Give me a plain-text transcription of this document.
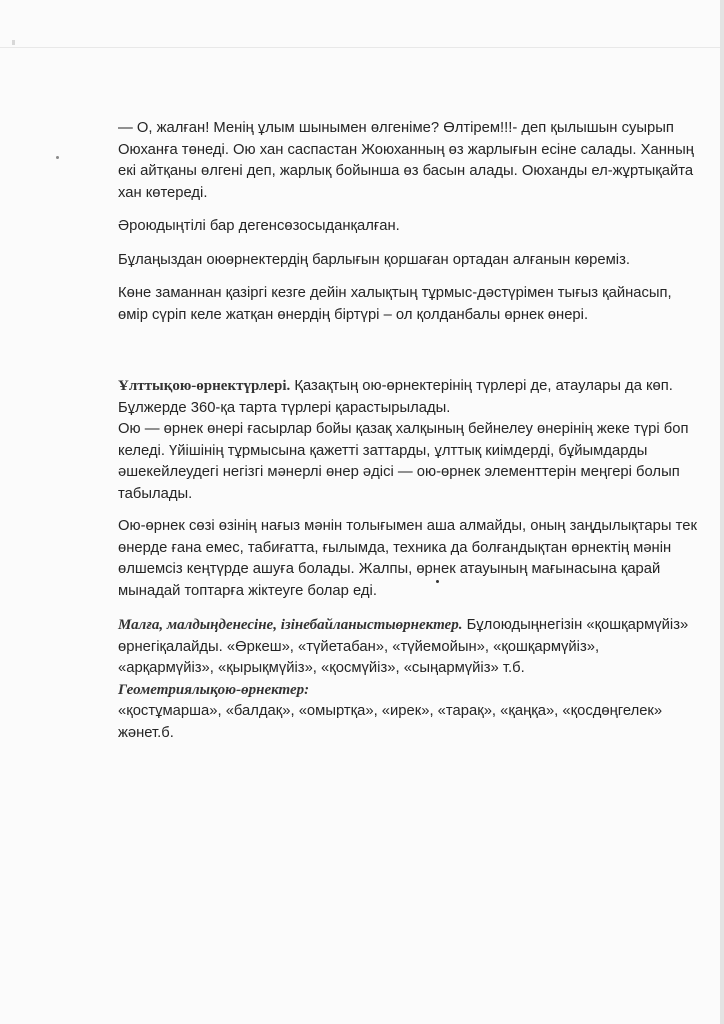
— О, жалған! Менің ұлым шынымен өлгеніме? Өлтірем!!!- деп қылышын суырып Оюханға төнеді. Ою хан саспастан Жоюханның өз жарлығын есіне салады. Ханның екі айтқаны өлгені деп, жарлық бойынша өз басын алады. Оюханды ел-жұртықайта хан көтереді.

Әроюдыңтілі бар дегенсөзосыданқалған.

Бұлаңыздан оюөрнектердің барлығын қоршаған ортадан алғанын көреміз.

Көне заманнан қазіргі кезге дейін халықтың тұрмыс-дәстүрімен тығыз қайнасып, өмір сүріп келе жатқан өнердің біртүрі – ол қолданбалы өрнек өнері.

Ұлттықою-өрнектүрлері. Қазақтың ою-өрнектерінің түрлері де, атаулары да көп. Бұлжерде 360-қа тарта түрлері қарастырылады.
Ою — өрнек өнері ғасырлар бойы қазақ халқының бейнелеу өнерінің жеке түрі боп келеді. Үйішінің тұрмысына қажетті заттарды, ұлттық киімдерді, бұйымдарды әшекейлеудегі негізгі мәнерлі өнер әдісі — ою-өрнек элементтерін меңгері болып табылады.

Ою-өрнек сөзі өзінің нағыз мәнін толығымен аша алмайды, оның заңдылықтары тек өнерде ғана емес, табиғатта, ғылымда, техника да болғандықтан өрнектің мәнін өлшемсіз кеңтүрде ашуға болады. Жалпы, өрнек атауының мағынасына қарай мынадай топтарға жіктеуге болар еді.

Малға, малдыңденесіне, ізінебайланыстыөрнектер. Бұлоюдыңнегізін «қошқармүйіз» өрнегіқалайды. «Өркеш», «түйетабан», «түйемойын», «қошқармүйіз», «арқармүйіз», «қырықмүйіз», «қосмүйіз», «сыңармүйіз» т.б.
Геометриялықою-өрнектер:
«қостұмарша», «балдақ», «омыртқа», «ирек», «тарақ», «қаңқа», «қосдөңгелек» жәнет.б.
